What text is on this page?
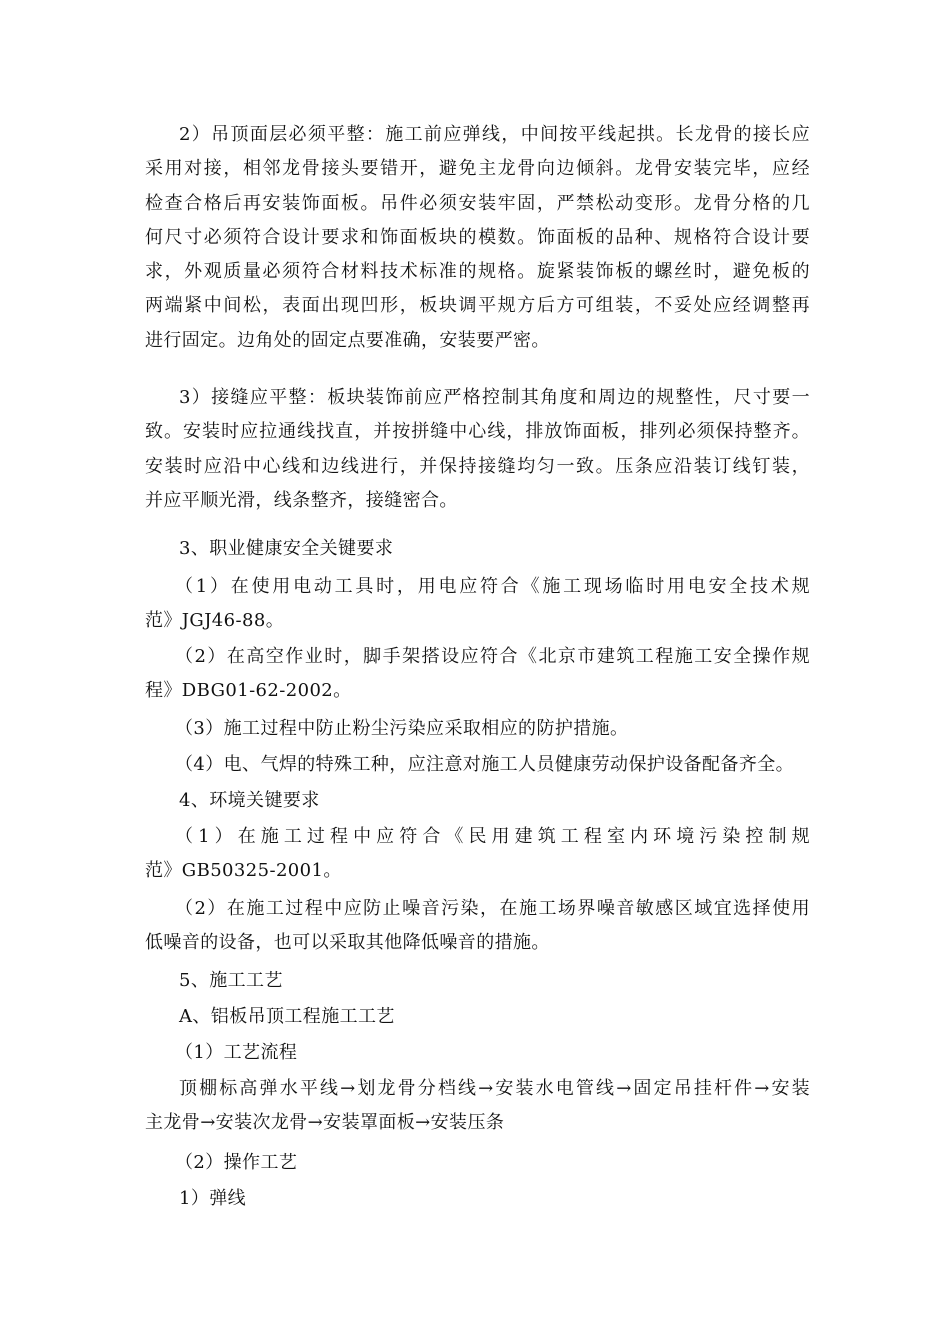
2）吊顶面层必须平整：施工前应弹线，中间按平线起拱。长龙骨的接长应
采用对接，相邻龙骨接头要错开，避免主龙骨向边倾斜。龙骨安装完毕，应经
检查合格后再安装饰面板。吊件必须安装牢固，严禁松动变形。龙骨分格的几
何尺寸必须符合设计要求和饰面板块的模数。饰面板的品种、规格符合设计要
求，外观质量必须符合材料技术标准的规格。旋紧装饰板的螺丝时，避免板的
两端紧中间松，表面出现凹形，板块调平规方后方可组装，不妥处应经调整再
进行固定。边角处的固定点要准确，安装要严密。

3）接缝应平整：板块装饰前应严格控制其角度和周边的规整性，尺寸要一
致。安装时应拉通线找直，并按拼缝中心线，排放饰面板，排列必须保持整齐。
安装时应沿中心线和边线进行，并保持接缝均匀一致。压条应沿装订线钉装，
并应平顺光滑，线条整齐，接缝密合。

3、职业健康安全关键要求

（1）在使用电动工具时，用电应符合《施工现场临时用电安全技术规
范》JGJ46-88。

（2）在高空作业时，脚手架搭设应符合《北京市建筑工程施工安全操作规
程》DBG01-62-2002。

（3）施工过程中防止粉尘污染应采取相应的防护措施。

（4）电、气焊的特殊工种，应注意对施工人员健康劳动保护设备配备齐全。

4、环境关键要求

（1）在施工过程中应符合《民用建筑工程室内环境污染控制规
范》GB50325-2001。

（2）在施工过程中应防止噪音污染，在施工场界噪音敏感区域宜选择使用
低噪音的设备，也可以采取其他降低噪音的措施。

5、施工工艺

A、铝板吊顶工程施工工艺

（1）工艺流程

顶棚标高弹水平线→划龙骨分档线→安装水电管线→固定吊挂杆件→安装
主龙骨→安装次龙骨→安装罩面板→安装压条

（2）操作工艺

1）弹线
